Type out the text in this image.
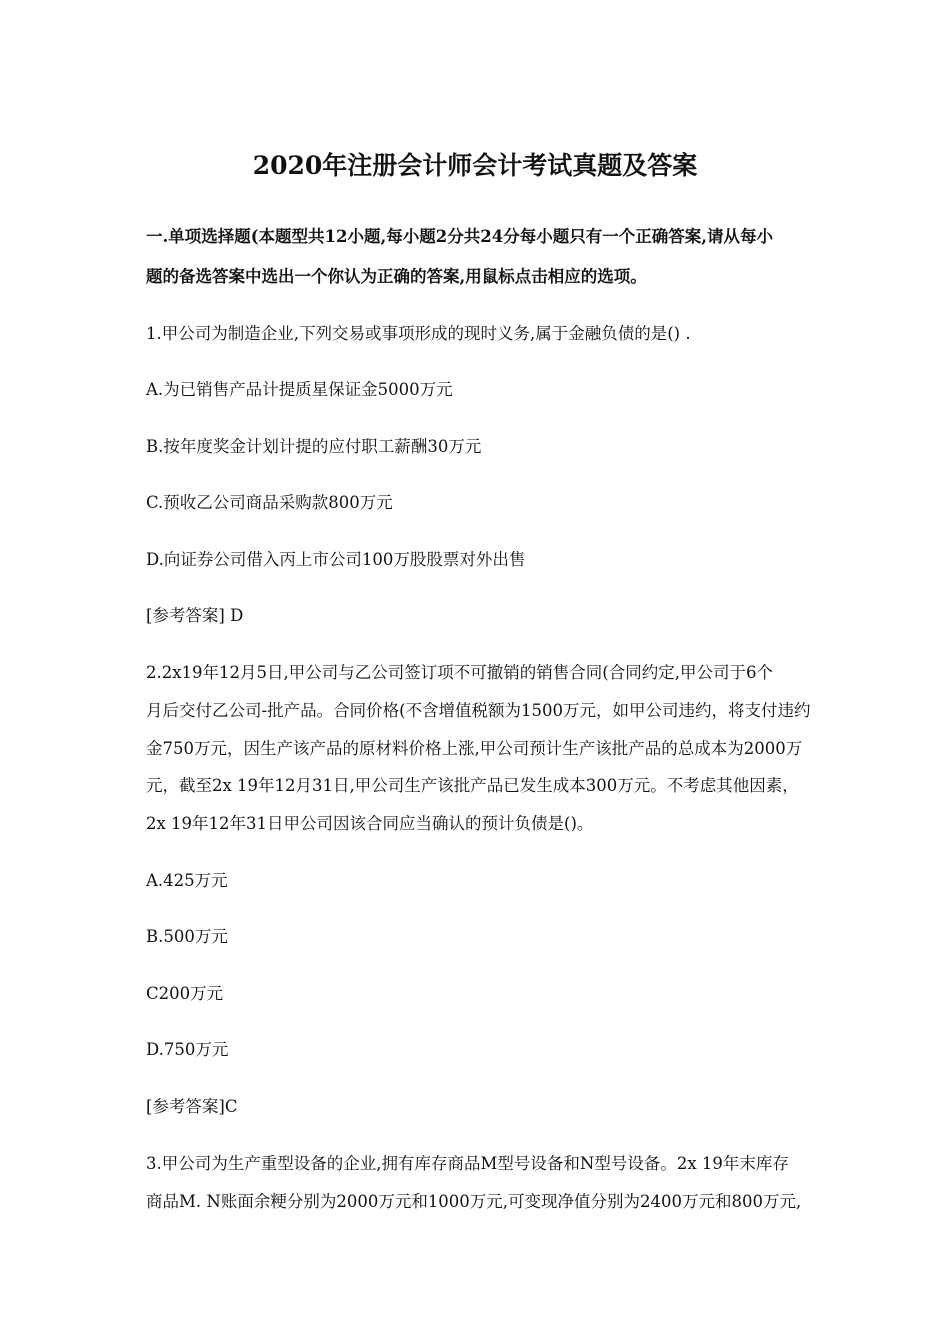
2020年注册会计师会计考试真题及答案
一.单项选择题(本题型共12小题,每小题2分共24分每小题只有一个正确答案,请从每小
题的备选答案中选出一个你认为正确的答案,用鼠标点击相应的选项。
1.甲公司为制造企业,下列交易或事项形成的现时义务,属于金融负债的是() .
A.为已销售产品计提质星保证金5000万元
B.按年度奖金计划计提的应付职工薪酬30万元
C.预收乙公司商品采购款800万元
D.向证券公司借入丙上市公司100万股股票对外出售
[参考答案] D
2.2x19年12月5日,甲公司与乙公司签订项不可撤销的销售合同(合同约定,甲公司于6个
月后交付乙公司-批产品。合同价格(不含增值税额为1500万元，如甲公司违约，将支付违约
金750万元，因生产该产品的原材料价格上涨,甲公司预计生产该批产品的总成本为2000万
元，截至2x 19年12月31日,甲公司生产该批产品已发生成本300万元。不考虑其他因素，
2x 19年12年31日甲公司因该合同应当确认的预计负债是()。
A.425万元
B.500万元
C200万元
D.750万元
[参考答案]C
3.甲公司为生产重型设备的企业,拥有库存商品M型号设备和N型号设备。2x 19年末库存
商品M. N账面余粳分别为2000万元和1000万元,可变现净值分别为2400万元和800万元,
